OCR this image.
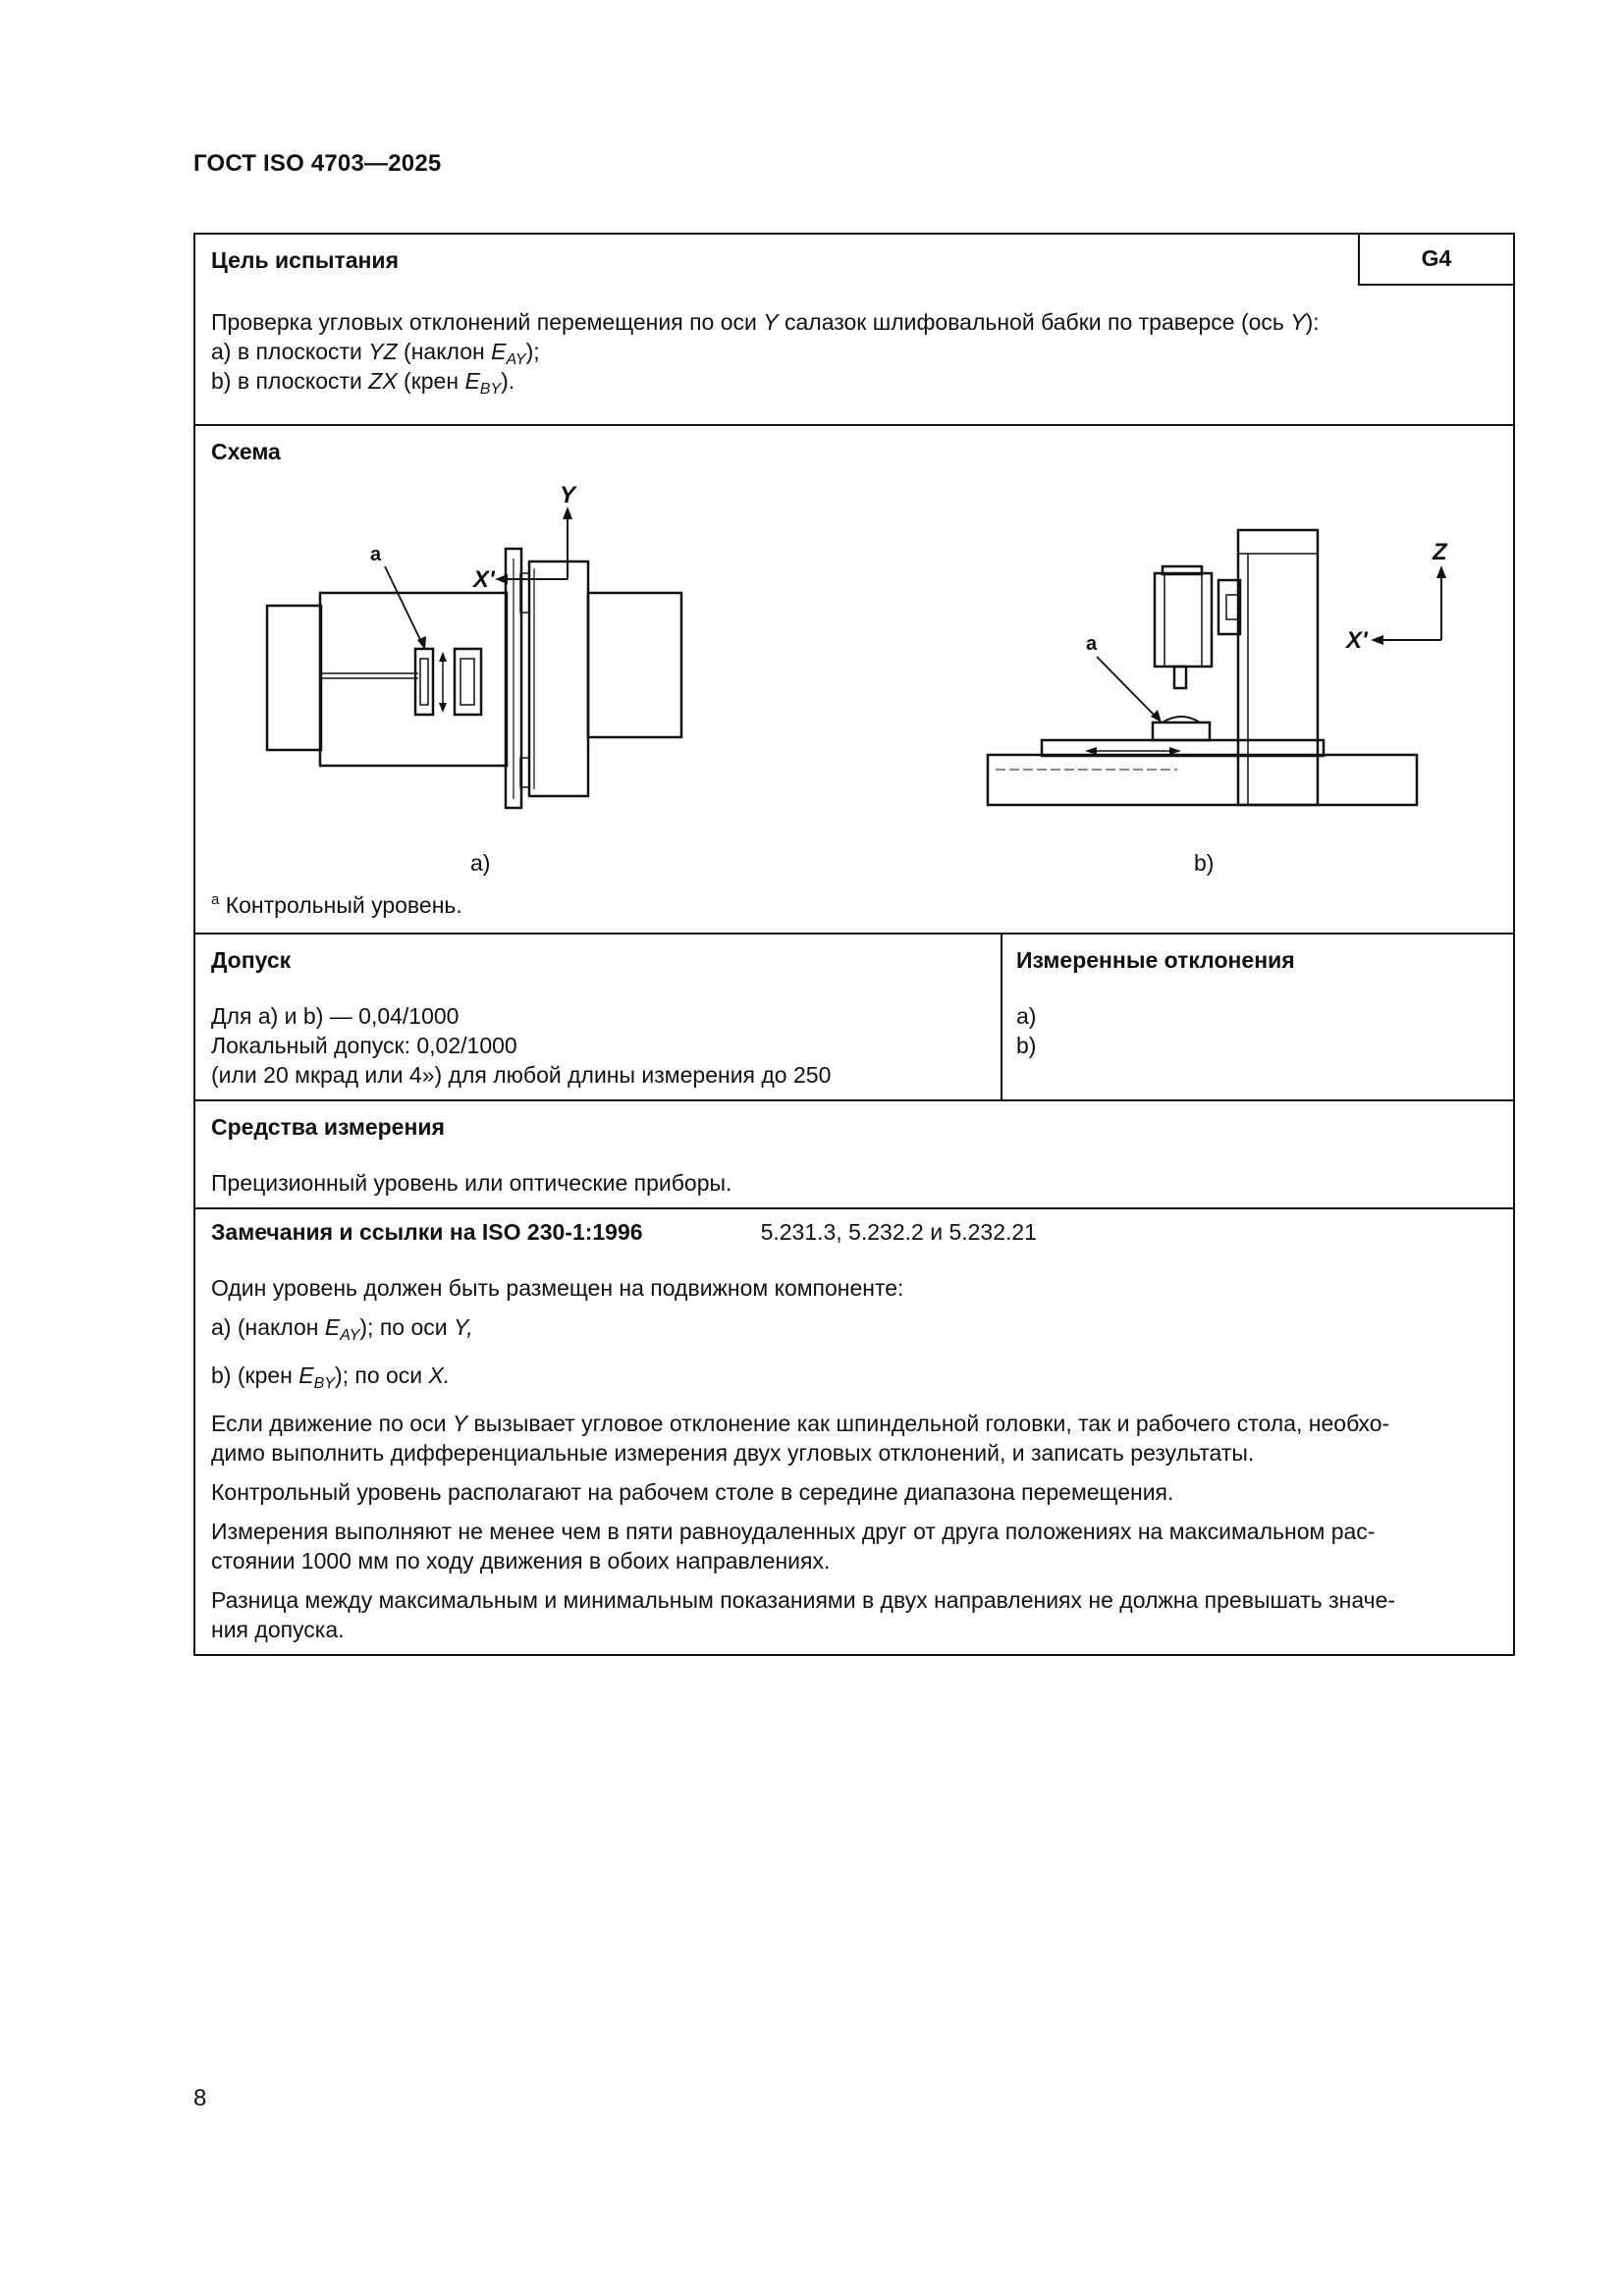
ГОСТ ISO 4703—2025
Цель испытания	G4
Проверка угловых отклонений перемещения по оси Y салазок шлифовальной бабки по траверсе (ось Y):
a) в плоскости YZ (наклон $E_{AY}$);
b) в плоскости ZX (крен $E_{BY}$).
Схема
a
Y
X'
a
Z
X'
a)	b)
$^a$ Контрольный уровень.
Допуск
Для a) и b) — 0,04/1000
Локальный допуск: 0,02/1000
(или 20 мкрад или 4») для любой длины измерения до 250
Измеренные отклонения
a)
b)
Средства измерения
Прецизионный уровень или оптические приборы.
Замечания и ссылки на ISO 230-1:1996	5.231.3, 5.232.2 и 5.232.21
Один уровень должен быть размещен на подвижном компоненте:
a) (наклон $E_{AY}$); по оси Y,
b) (крен $E_{BY}$); по оси X.
Если движение по оси Y вызывает угловое отклонение как шпиндельной головки, так и рабочего стола, необхо-
димо выполнить дифференциальные измерения двух угловых отклонений, и записать результаты.
Контрольный уровень располагают на рабочем столе в середине диапазона перемещения.
Измерения выполняют не менее чем в пяти равноудаленных друг от друга положениях на максимальном рас-
стоянии 1000 мм по ходу движения в обоих направлениях.
Разница между максимальным и минимальным показаниями в двух направлениях не должна превышать значе-
ния допуска.
8
